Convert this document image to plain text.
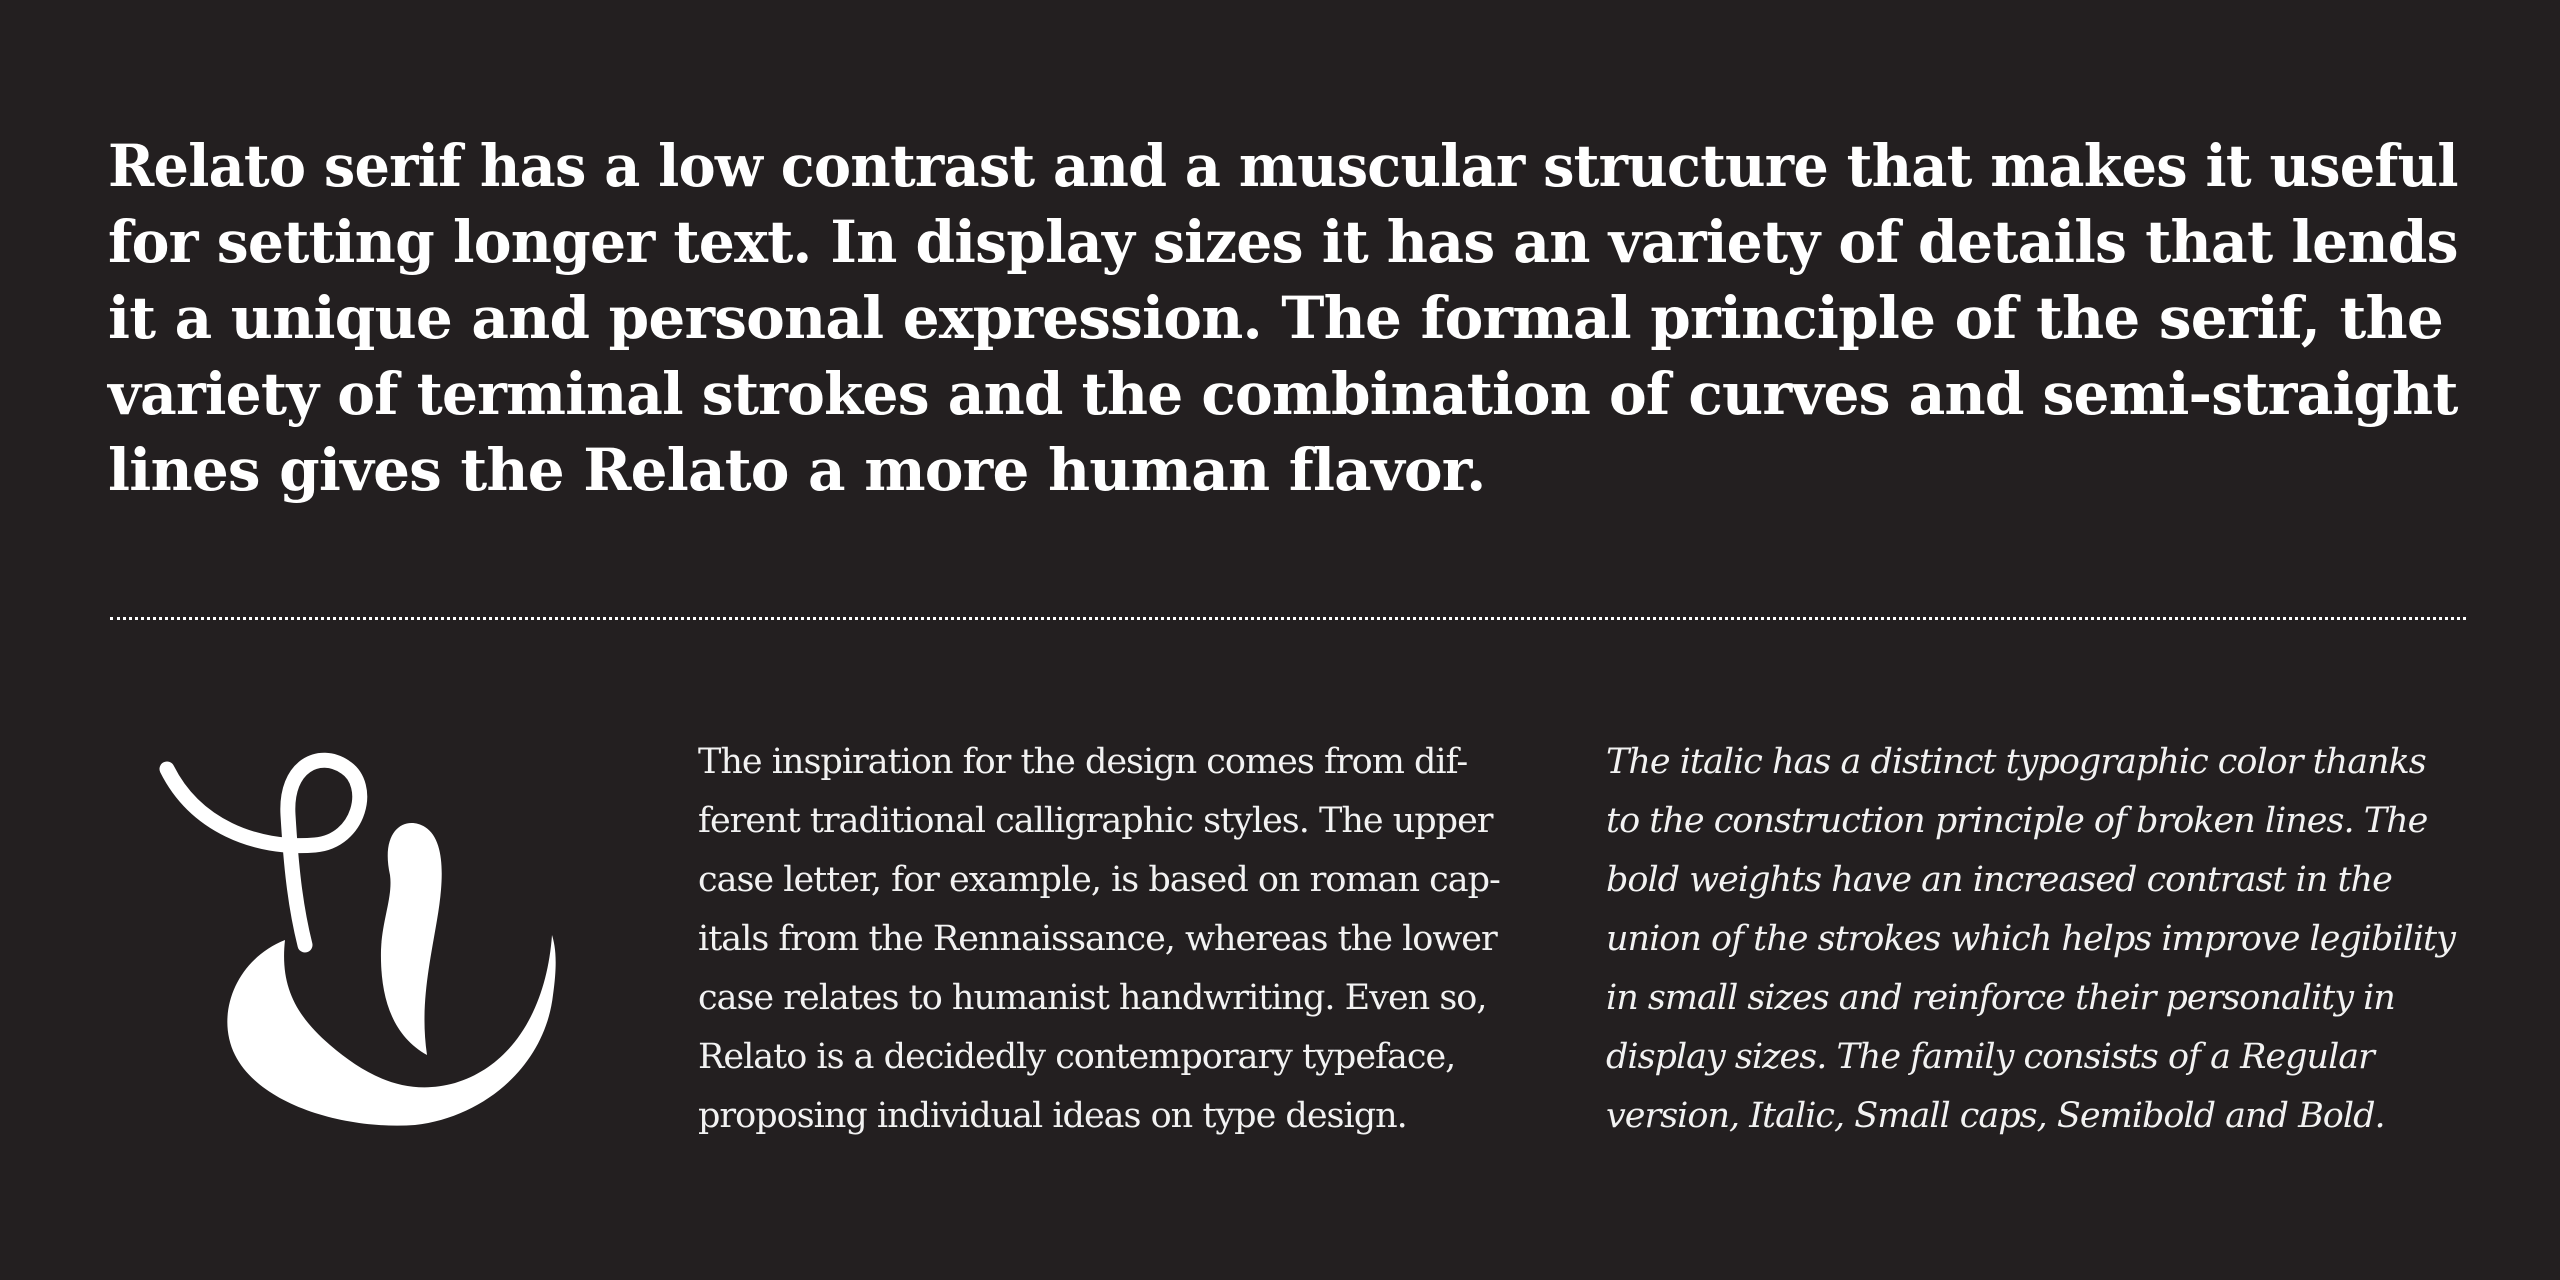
Relato serif has a low contrast and a muscular structure that makes it useful
for setting longer text. In display sizes it has an variety of details that lends
it a unique and personal expression. The formal principle of the serif, the
variety of terminal strokes and the combination of curves and semi-straight
lines gives the Relato a more human flavor.
The inspiration for the design comes from dif-
ferent traditional calligraphic styles. The upper
case letter, for example, is based on roman cap-
itals from the Rennaissance, whereas the lower
case relates to humanist handwriting. Even so,
Relato is a decidedly contemporary typeface,
proposing individual ideas on type design.
The italic has a distinct typographic color thanks
to the construction principle of broken lines. The
bold weights have an increased contrast in the
union of the strokes which helps improve legibility
in small sizes and reinforce their personality in
display sizes. The family consists of a Regular
version, Italic, Small caps, Semibold and Bold.
